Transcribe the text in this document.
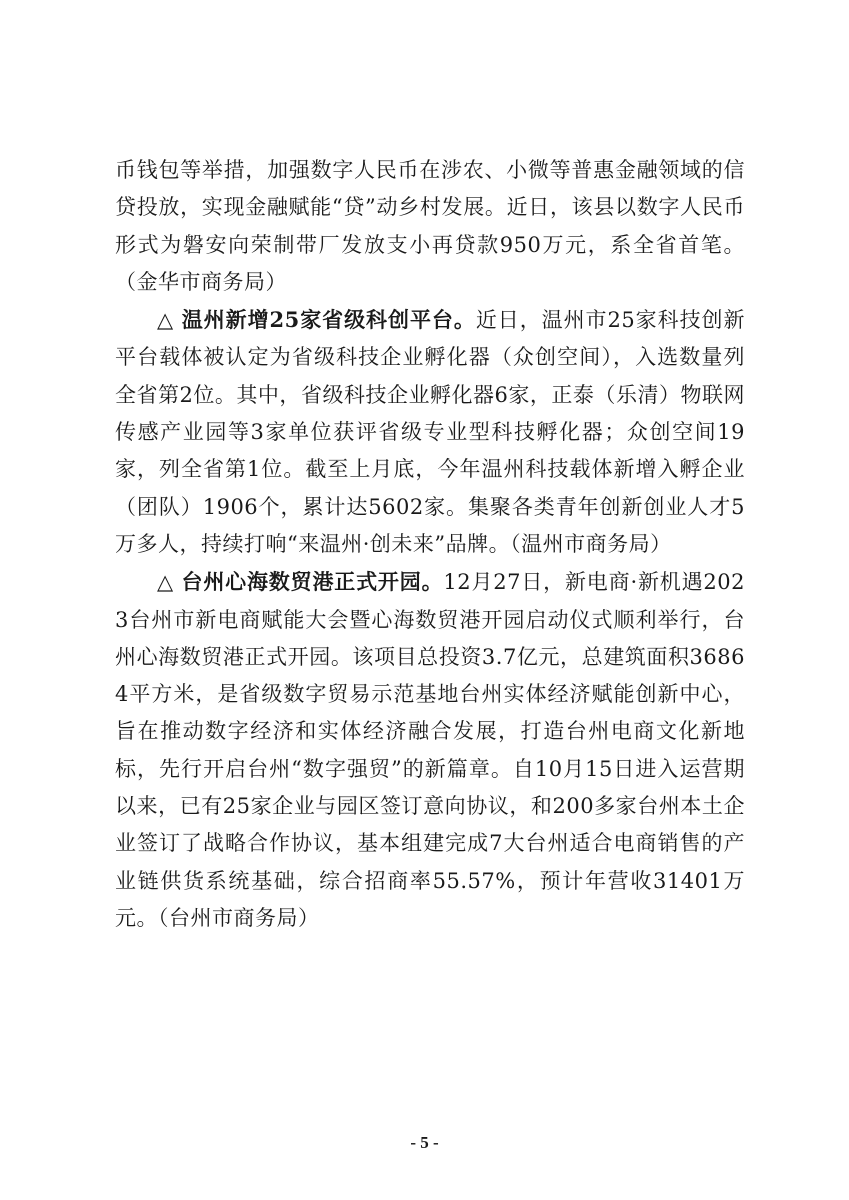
币钱包等举措，加强数字人民币在涉农、小微等普惠金融领域的信贷投放，实现金融赋能“贷”动乡村发展。近日，该县以数字人民币形式为磐安向荣制带厂发放支小再贷款950万元，系全省首笔。（金华市商务局）

△ 温州新增25家省级科创平台。近日，温州市25家科技创新平台载体被认定为省级科技企业孵化器（众创空间），入选数量列全省第2位。其中，省级科技企业孵化器6家，正泰（乐清）物联网传感产业园等3家单位获评省级专业型科技孵化器；众创空间19家，列全省第1位。截至上月底，今年温州科技载体新增入孵企业（团队）1906个，累计达5602家。集聚各类青年创新创业人才5万多人，持续打响“来温州·创未来”品牌。（温州市商务局）

△ 台州心海数贸港正式开园。12月27日，新电商·新机遇2023台州市新电商赋能大会暨心海数贸港开园启动仪式顺利举行，台州心海数贸港正式开园。该项目总投资3.7亿元，总建筑面积36864平方米，是省级数字贸易示范基地台州实体经济赋能创新中心，旨在推动数字经济和实体经济融合发展，打造台州电商文化新地标，先行开启台州“数字强贸”的新篇章。自10月15日进入运营期以来，已有25家企业与园区签订意向协议，和200多家台州本土企业签订了战略合作协议，基本组建完成7大台州适合电商销售的产业链供货系统基础，综合招商率55.57%，预计年营收31401万元。（台州市商务局）

- 5 -
